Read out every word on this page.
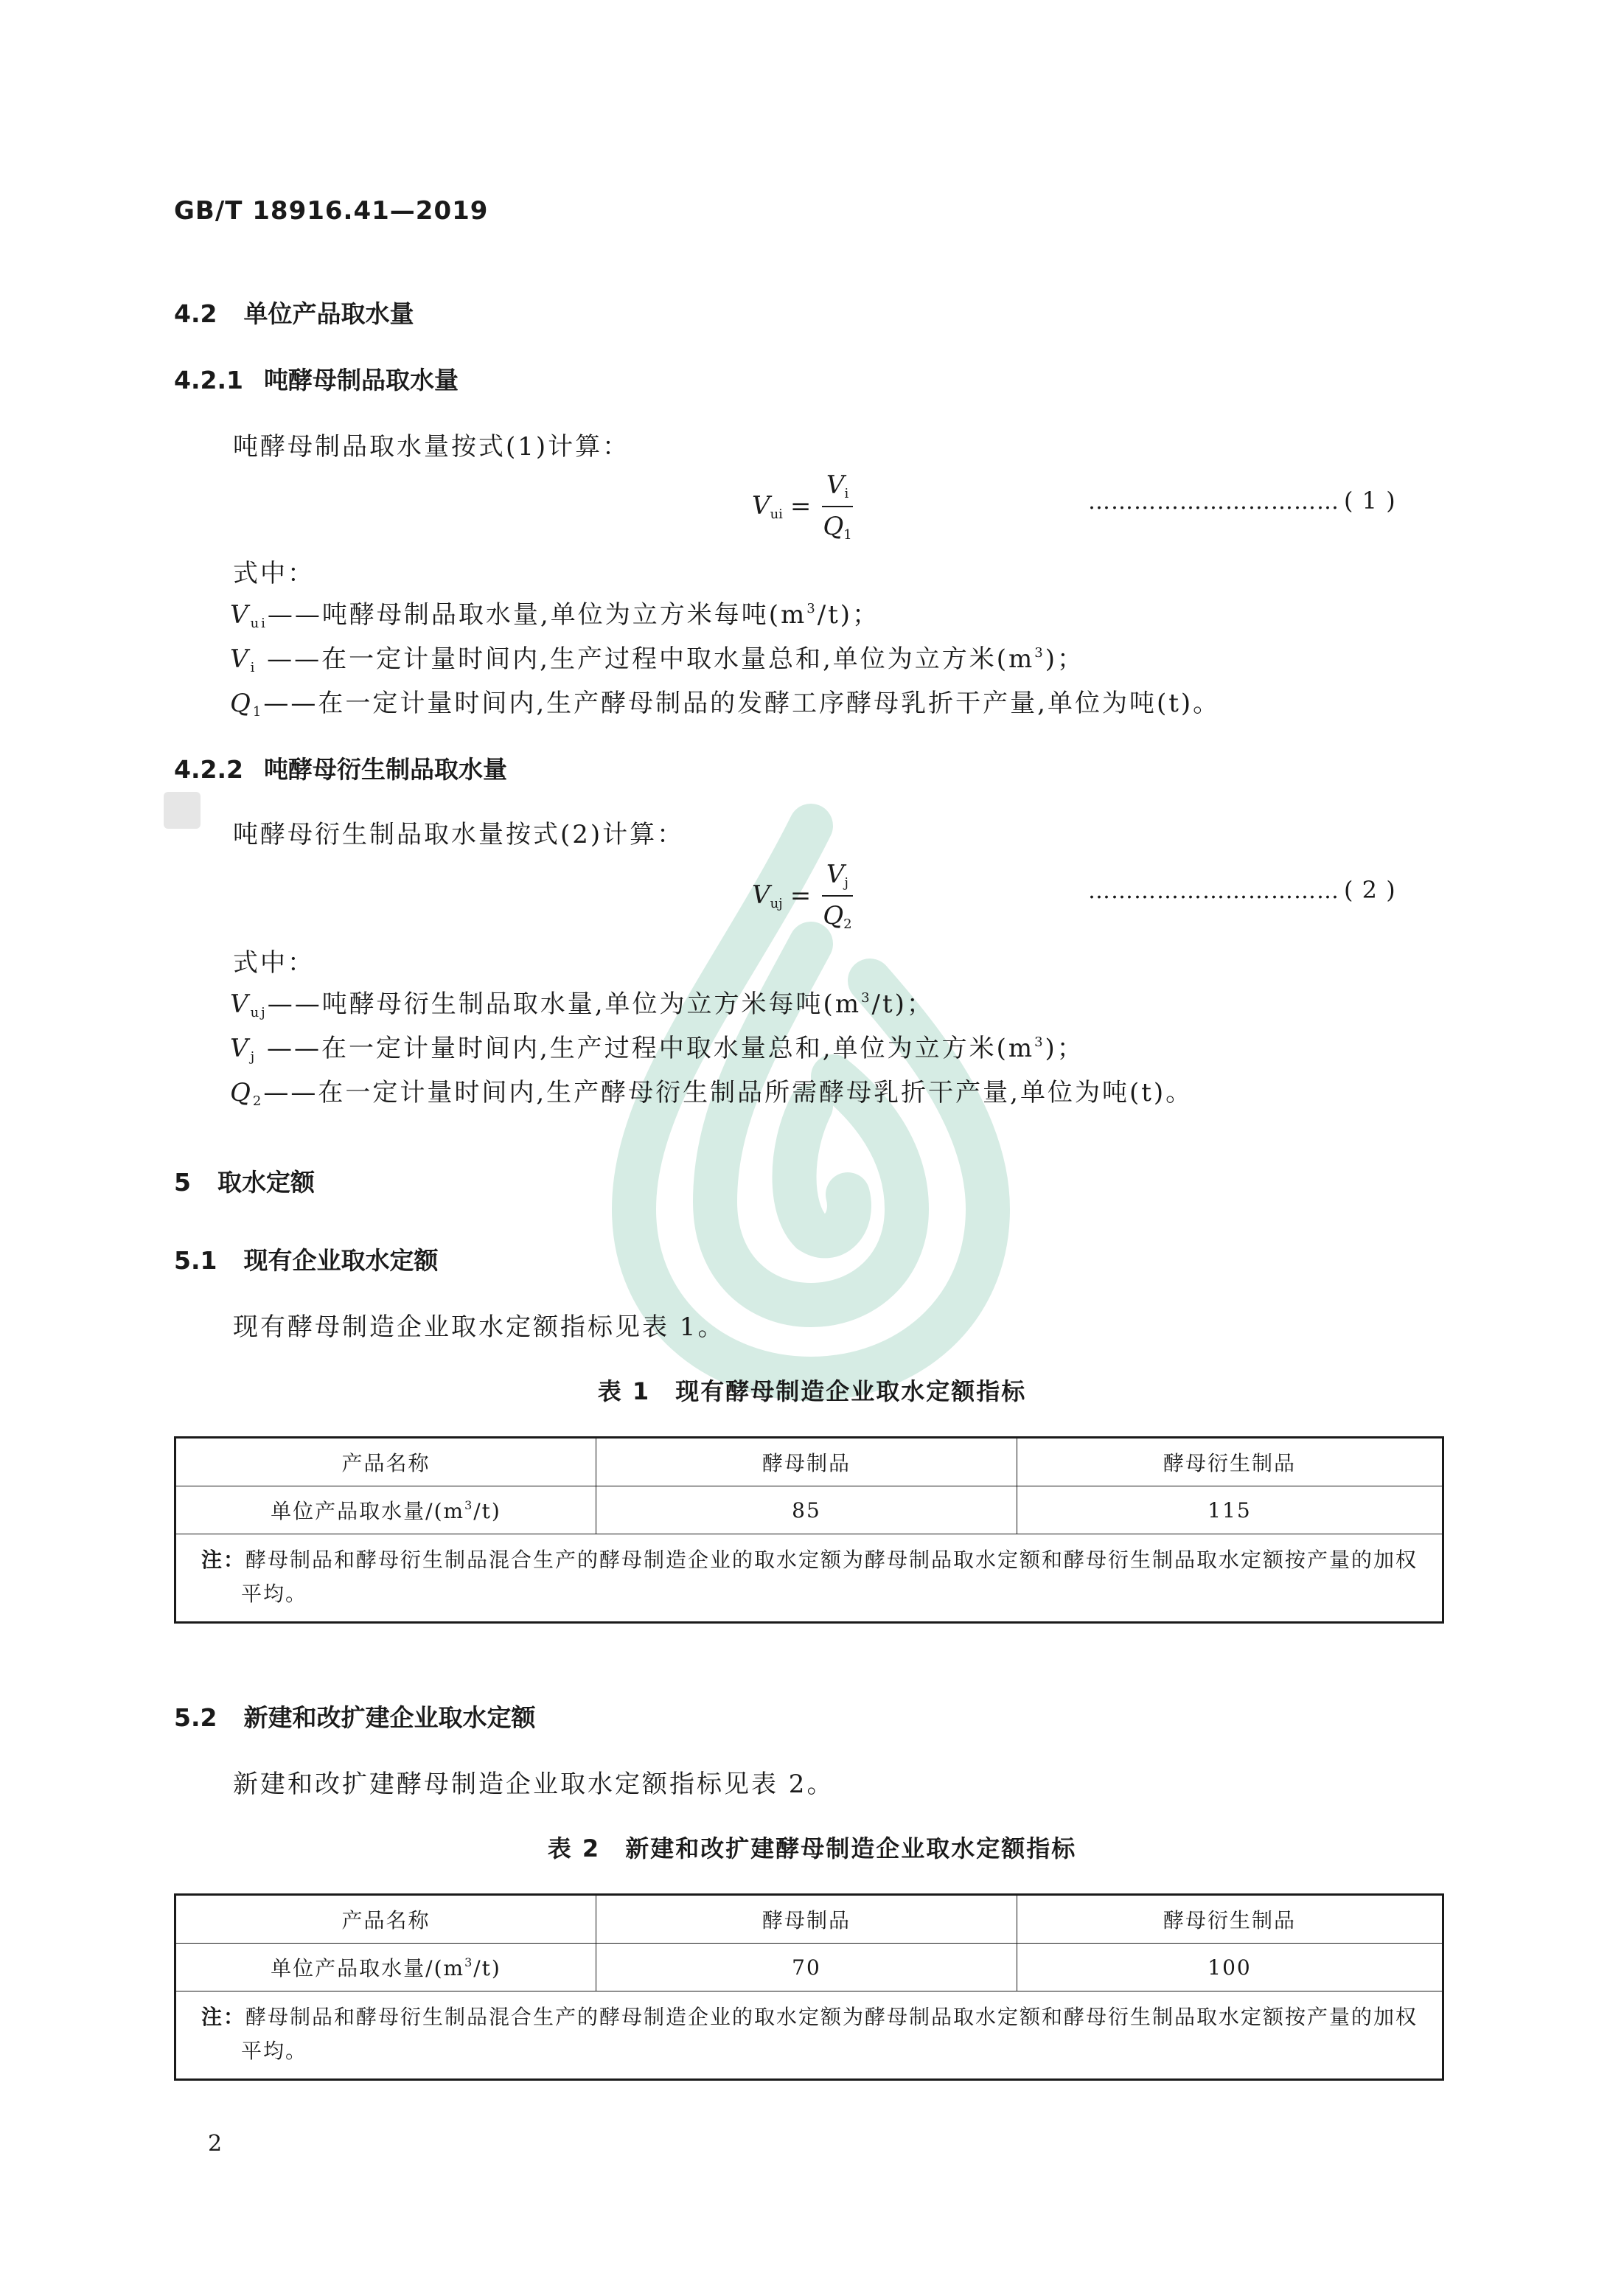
GB/T 18916.41—2019
4.2 单位产品取水量
4.2.1 吨酵母制品取水量
吨酵母制品取水量按式(1)计算：
$V_{ui} = \frac{V_i}{Q_1}$	…………………………… ( 1 )
式中：
$V_{ui}——$吨酵母制品取水量,单位为立方米每吨$(m^3/t)$；
$V_i$ ——在一定计量时间内,生产过程中取水量总和,单位为立方米$(m^3)$；
$Q_1——$在一定计量时间内,生产酵母制品的发酵工序酵母乳折干产量,单位为吨(t)。
4.2.2 吨酵母衍生制品取水量
吨酵母衍生制品取水量按式(2)计算：
$V_{uj} = \frac{V_j}{Q_2}$	…………………………… ( 2 )
式中：
$V_{uj}——$吨酵母衍生制品取水量,单位为立方米每吨$(m^3/t)$；
$V_j$ ——在一定计量时间内,生产过程中取水量总和,单位为立方米$(m^3)$；
$Q_2——$在一定计量时间内,生产酵母衍生制品所需酵母乳折干产量,单位为吨(t)。
5 取水定额
5.1 现有企业取水定额
现有酵母制造企业取水定额指标见表 1。
表 1　现有酵母制造企业取水定额指标
产品名称	酵母制品	酵母衍生制品
单位产品取水量$/(m^3/t)$	85	115
注：酵母制品和酵母衍生制品混合生产的酵母制造企业的取水定额为酵母制品取水定额和酵母衍生制品取水定额按产量的加权平均。		
5.2 新建和改扩建企业取水定额
新建和改扩建酵母制造企业取水定额指标见表 2。
表 2　新建和改扩建酵母制造企业取水定额指标
产品名称	酵母制品	酵母衍生制品
单位产品取水量$/(m^3/t)$	70	100
注：酵母制品和酵母衍生制品混合生产的酵母制造企业的取水定额为酵母制品取水定额和酵母衍生制品取水定额按产量的加权平均。		
2
